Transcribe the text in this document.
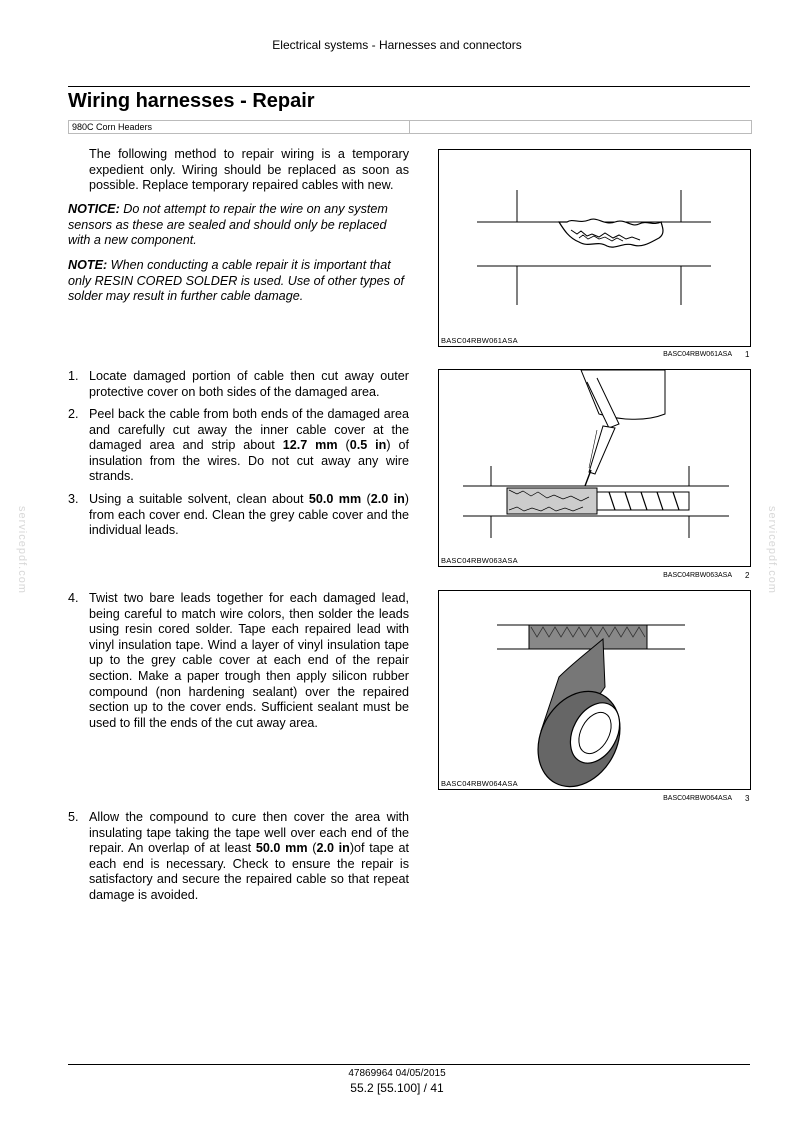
Electrical systems - Harnesses and connectors
Wiring harnesses - Repair
980C Corn Headers
The following method to repair wiring is a temporary expedient only. Wiring should be replaced as soon as possible. Replace temporary repaired cables with new.
NOTICE: Do not attempt to repair the wire on any system sensors as these are sealed and should only be replaced with a new component.
NOTE: When conducting a cable repair it is important that only RESIN CORED SOLDER is used. Use of other types of solder may result in further cable damage.
1. Locate damaged portion of cable then cut away outer protective cover on both sides of the damaged area.
2. Peel back the cable from both ends of the damaged area and carefully cut away the inner cable cover at the damaged area and strip about 12.7 mm (0.5 in) of insulation from the wires. Do not cut away any wire strands.
3. Using a suitable solvent, clean about 50.0 mm (2.0 in) from each cover end. Clean the grey cable cover and the individual leads.
4. Twist two bare leads together for each damaged lead, being careful to match wire colors, then solder the leads using resin cored solder. Tape each repaired lead with vinyl insulation tape. Wind a layer of vinyl insulation tape up to the grey cable cover at each end of the repair section. Make a paper trough then apply silicon rubber compound (non hardening sealant) over the repaired section up to the cover ends. Sufficient sealant must be used to fill the ends of the cut away area.
5. Allow the compound to cure then cover the area with insulating tape taking the tape well over each end of the repair. An overlap of at least 50.0 mm (2.0 in)of tape at each end is necessary. Check to ensure the repair is satisfactory and secure the repaired cable so that repeat damage is avoided.
BASC04RBW061ASA
BASC04RBW061ASA 1
BASC04RBW063ASA
BASC04RBW063ASA 2
BASC04RBW064ASA
BASC04RBW064ASA 3
servicepdf.com	servicepdf.com
47869964 04/05/2015
55.2 [55.100] / 41
